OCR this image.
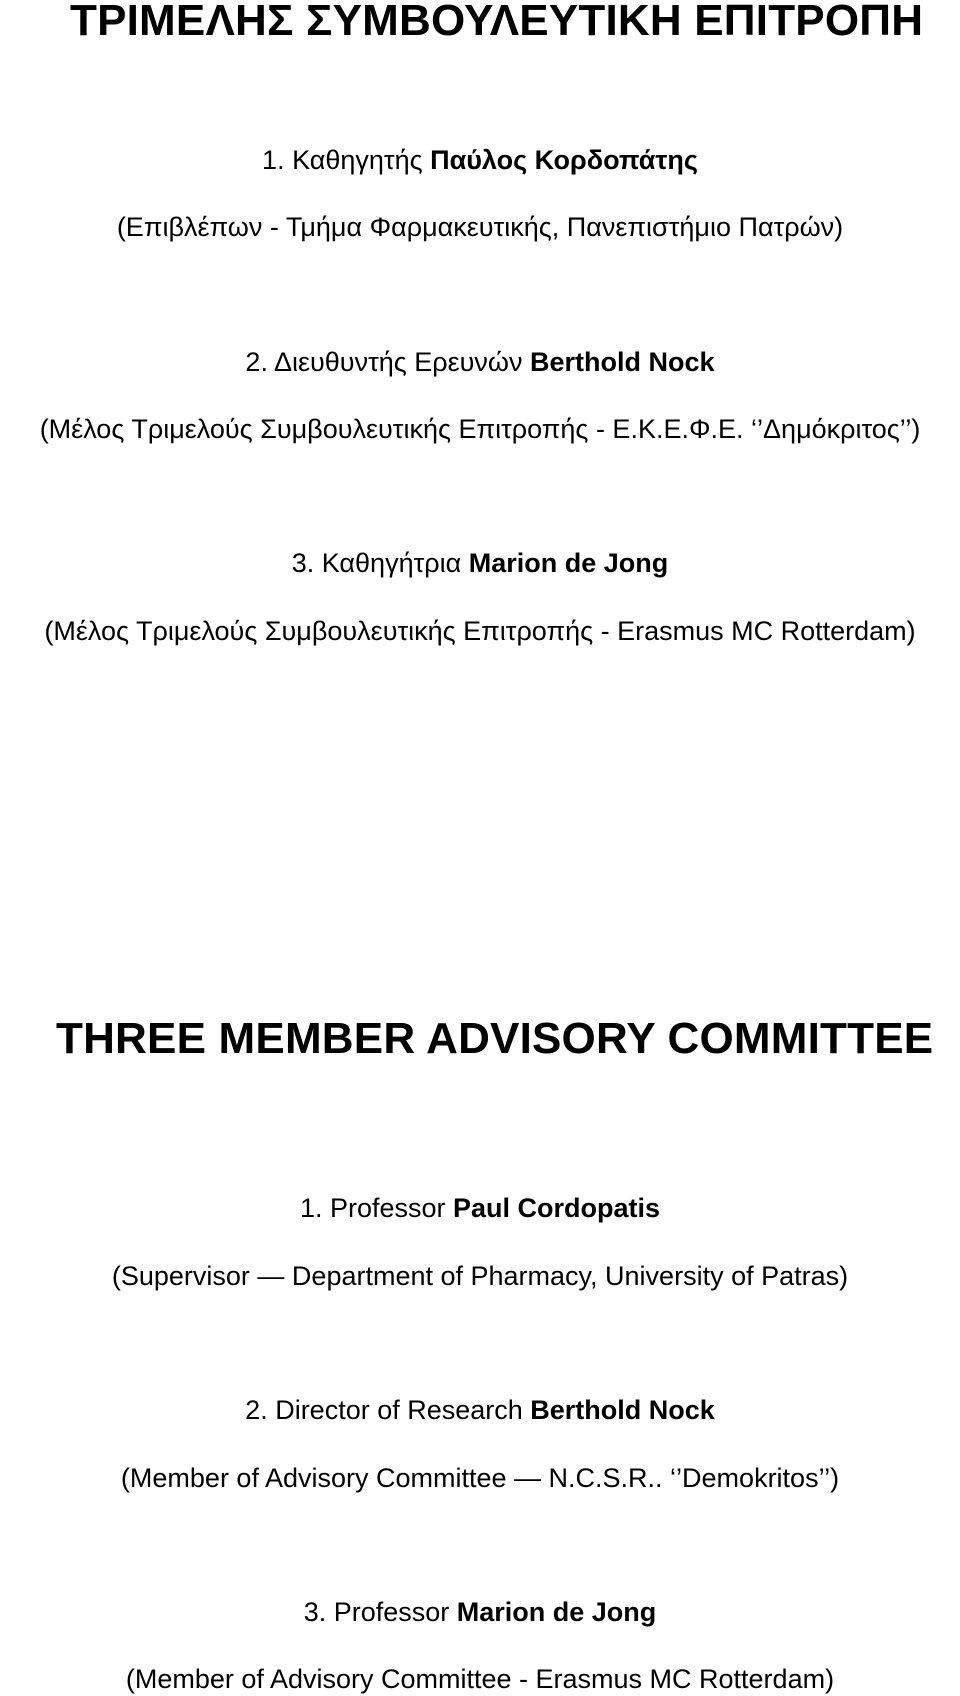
ΤΡΙΜΕΛΗΣ ΣΥΜΒΟΥΛΕΥΤΙΚΗ ΕΠΙΤΡΟΠΗ
1. Καθηγητής Παύλος Κορδοπάτης
(Επιβλέπων - Τμήμα Φαρμακευτικής, Πανεπιστήμιο Πατρών)
2. Διευθυντής Ερευνών Berthold Nock
(Μέλος Τριμελούς Συμβουλευτικής Επιτροπής - Ε.Κ.Ε.Φ.Ε. ‘’Δημόκριτος’’)
3. Καθηγήτρια Marion de Jong
(Μέλος Τριμελούς Συμβουλευτικής Επιτροπής - Erasmus MC Rotterdam)
THREE MEMBER ADVISORY COMMITTEE
1. Professor Paul Cordopatis
(Supervisor — Department of Pharmacy, University of Patras)
2. Director of Research Berthold Nock
(Member of Advisory Committee — N.C.S.R.. ‘’Demokritos’’)
3. Professor Marion de Jong
(Member of Advisory Committee - Erasmus MC Rotterdam)
